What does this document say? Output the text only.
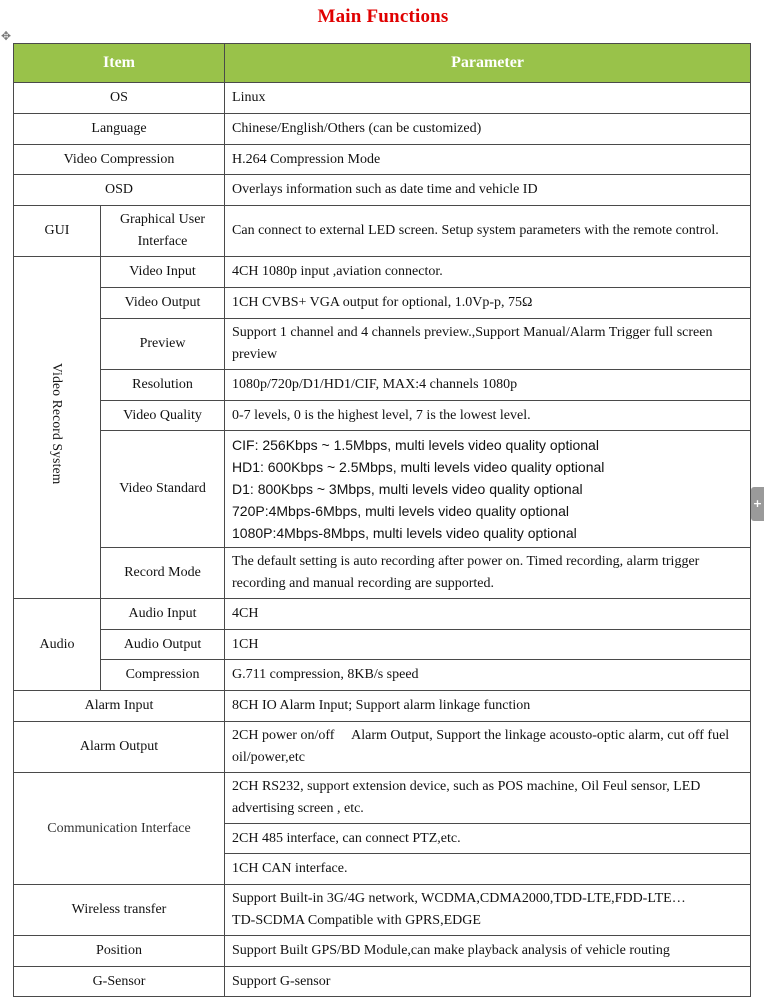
Main Functions
✥
+
Item		Parameter
OS		Linux
Language		Chinese/English/Others (can be customized)
Video Compression		H.264 Compression Mode
OSD		Overlays information such as date time and vehicle ID
GUI	Graphical User Interface	Can connect to external LED screen. Setup system parameters with the remote control.
Video Record System	Video Input	4CH 1080p input ,aviation connector.
	Video Output	1CH CVBS+ VGA output for optional, 1.0Vp-p, 75Ω
	Preview	Support 1 channel and 4 channels preview.,Support Manual/Alarm Trigger full screen preview
	Resolution	1080p/720p/D1/HD1/CIF, MAX:4 channels 1080p
	Video Quality	0-7 levels, 0 is the highest level, 7 is the lowest level.
	Video Standard	CIF: 256Kbps ~ 1.5Mbps, multi levels video quality optional
HD1: 600Kbps ~ 2.5Mbps, multi levels video quality optional
D1: 800Kbps ~ 3Mbps, multi levels video quality optional
720P:4Mbps-6Mbps, multi levels video quality optional
1080P:4Mbps-8Mbps, multi levels video quality optional

	Record Mode	The default setting is auto recording after power on. Timed recording, alarm trigger recording and manual recording are supported.
Audio	Audio Input	4CH
	Audio Output	1CH
	Compression	G.711 compression, 8KB/s speed
Alarm Input		8CH IO Alarm Input; Support alarm linkage function
Alarm Output		2CH power on/off     Alarm Output, Support the linkage acousto-optic alarm, cut off fuel oil/power,etc
Communication Interface		2CH RS232, support extension device, such as POS machine, Oil Feul sensor, LED advertising screen , etc.
		2CH 485 interface, can connect PTZ,etc.
		1CH CAN interface.
Wireless transfer		Support Built-in 3G/4G network, WCDMA,CDMA2000,TDD-LTE,FDD-LTE…
TD-SCDMA Compatible with GPRS,EDGE

Position		Support Built GPS/BD Module,can make playback analysis of vehicle routing
G-Sensor		Support G-sensor
